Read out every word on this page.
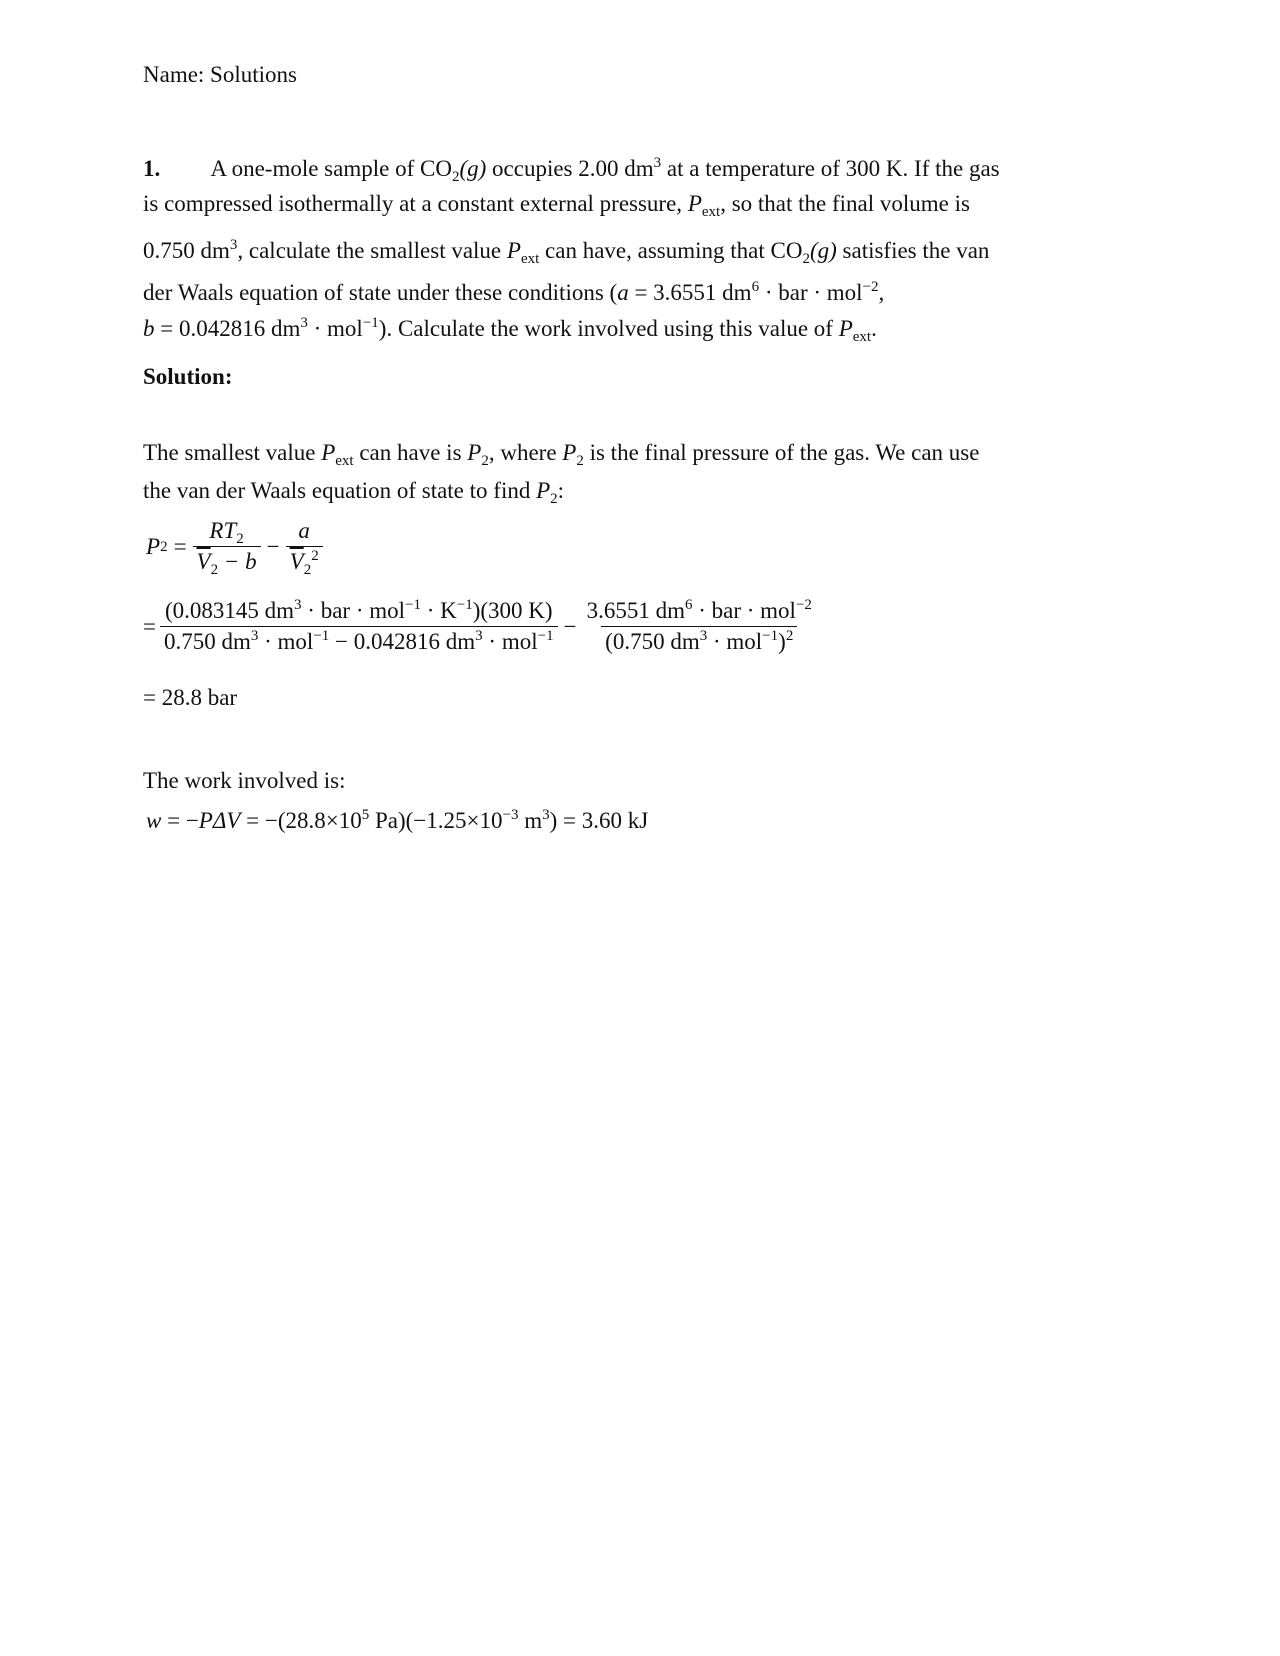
Name: Solutions
1. A one-mole sample of $CO_2(g)$ occupies 2.00 $dm^3$ at a temperature of 300 K. If the gas
is compressed isothermally at a constant external pressure, $P_{ext}$, so that the final volume is
0.750 $dm^3$, calculate the smallest value $P_{ext}$ can have, assuming that $CO_2(g)$ satisfies the van
der Waals equation of state under these conditions (a = 3.6551 $dm^6$ · bar · mol$^{-2}$,
b = 0.042816 $dm^3 \cdot mol^{-1}$). Calculate the work involved using this value of $P_{ext}$.
Solution:
The smallest value $P_{ext}$ can have is $P_2$, where $P_2$ is the final pressure of the gas. We can use
the van der Waals equation of state to find $P_2$:
P $2 = \frac{RT_2}{\overline{V}_2 - b} - \frac{a}{\overline{V}_2^2}$
= $\frac{(0.083145 dm^3 \cdot bar \cdot mol^{-1} \cdot K^{-1})(300 K)}{0.750 dm^3 \cdot mol^{-1} - 0.042816 dm^3 \cdot mol^{-1}} - \frac{3.6551 dm^6 \cdot bar \cdot mol^{-2}}{(0.750 dm^3 \cdot mol^{-1})^2}$
= 28.8 bar
The work involved is:
$w = -P\Delta V = -(28.8\times 10^5$ $Pa)(-1.25\times 10^{-3}$ $m^3) = 3.60$ kJ
